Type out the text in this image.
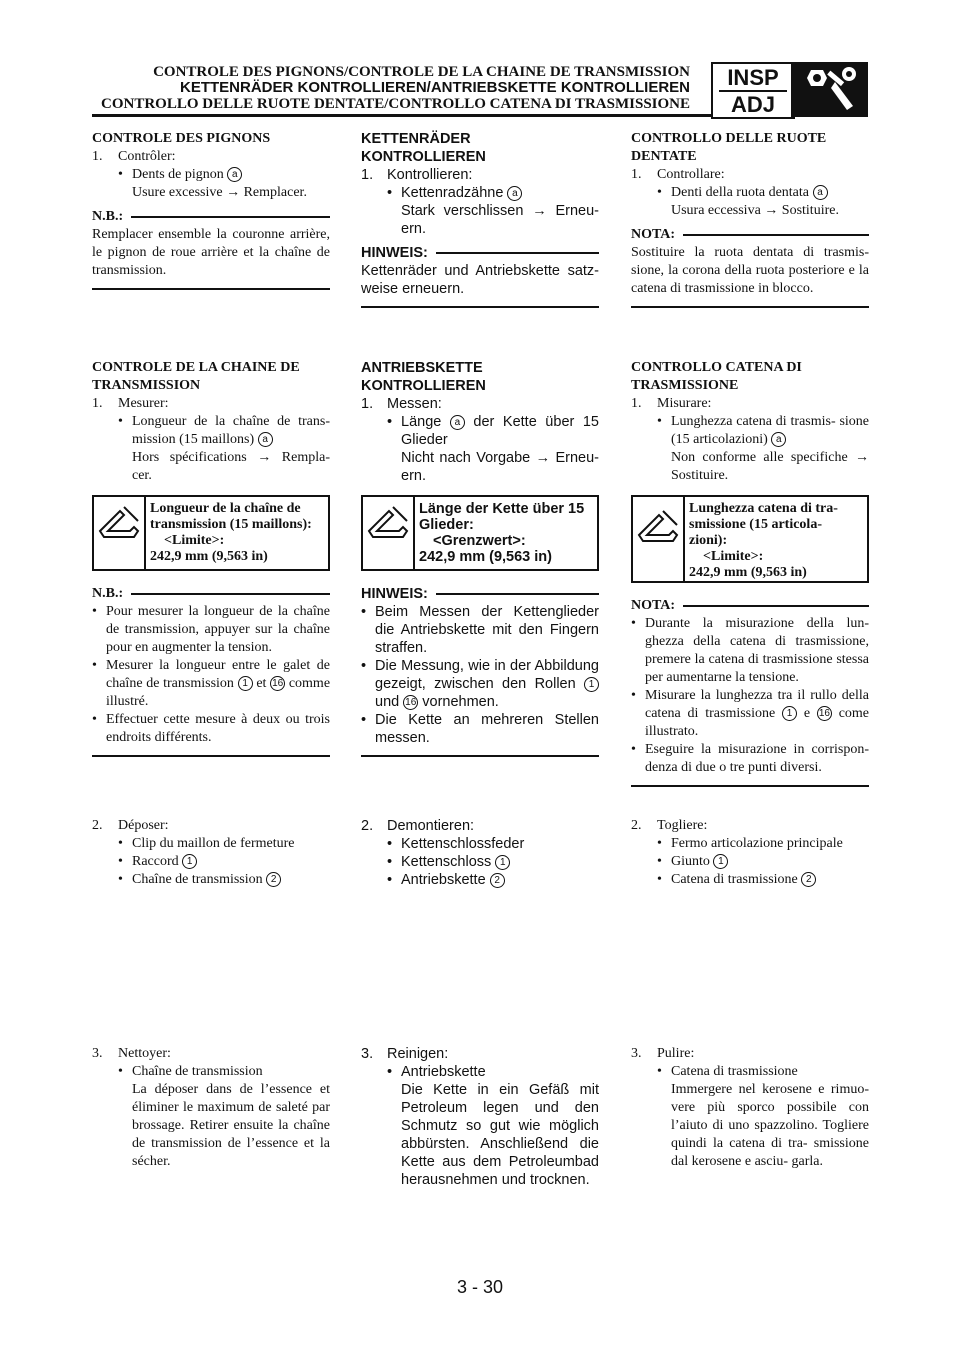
CONTROLE DES PIGNONS/CONTROLE DE LA CHAINE DE TRANSMISSION
KETTENRÄDER KONTROLLIEREN/ANTRIEBSKETTE KONTROLLIEREN
CONTROLLO DELLE RUOTE DENTATE/CONTROLLO CATENA DI TRASMISSIONE
INSP
ADJ
CONTROLE DES PIGNONS
1.	Contrôler:
• Dents de pignon a
Usure excessive → Remplacer.
N.B.:
Remplacer ensemble la couronne arrière, le pignon de roue arrière et la chaîne de transmission.
CONTROLE DE LA CHAINE DE TRANSMISSION
1.	Mesurer:
• Longueur de la chaîne de trans- mission (15 maillons) a
Hors spécifications → Rempla- cer.
Longueur de la chaîne de
transmission (15 maillons):
<Limite>:
242,9 mm (9,563 in)
N.B.:
• Pour mesurer la longueur de la chaîne de transmission, appuyer sur la chaîne pour en augmenter la tension.
• Mesurer la longueur entre le galet de chaîne de transmission 1 et 16 comme illustré.
• Effectuer cette mesure à deux ou trois endroits différents.
2.	Déposer:
• Clip du maillon de fermeture
• Raccord 1
• Chaîne de transmission 2
3.	Nettoyer:
• Chaîne de transmission
La déposer dans de l’essence et éliminer le maximum de saleté par brossage. Retirer ensuite la chaîne de transmission de l’essence et la sécher.
KETTENRÄDER KONTROLLIEREN
1. Kontrollieren:
• Kettenradzähne a
Stark verschlissen → Erneu- ern.
HINWEIS:
Kettenräder und Antriebskette satz- weise erneuern.
ANTRIEBSKETTE KONTROLLIEREN
1. Messen:
• Länge a der Kette über 15 Glieder
Nicht nach Vorgabe → Erneu- ern.
Länge der Kette über 15
Glieder:
<Grenzwert>:
242,9 mm (9,563 in)
HINWEIS:
• Beim Messen der Kettenglieder die Antriebskette mit den Fingern straffen.
• Die Messung, wie in der Abbildung gezeigt, zwischen den Rollen 1 und 16 vornehmen.
• Die Kette an mehreren Stellen messen.
2. Demontieren:
• Kettenschlossfeder
• Kettenschloss 1
• Antriebskette 2
3. Reinigen:
• Antriebskette
Die Kette in ein Gefäß mit Petroleum legen und den Schmutz so gut wie möglich abbürsten. Anschließend die Kette aus dem Petroleumbad herausnehmen und trocknen.
CONTROLLO DELLE RUOTE DENTATE
1.	Controllare:
• Denti della ruota dentata a
Usura eccessiva → Sostituire.
NOTA:
Sostituire la ruota dentata di trasmis- sione, la corona della ruota posteriore e la catena di trasmissione in blocco.
CONTROLLO CATENA DI TRASMISSIONE
1.	Misurare:
• Lunghezza catena di trasmis- sione (15 articolazioni) a
Non conforme alle specifiche → Sostituire.
Lunghezza catena di tra-
smissione (15 articola-
zioni):
<Limite>:
242,9 mm (9,563 in)
NOTA:
• Durante la misurazione della lun- ghezza della catena di trasmissione, premere la catena di trasmissione stessa per aumentarne la tensione.
• Misurare la lunghezza tra il rullo della catena di trasmissione 1 e 16 come illustrato.
• Eseguire la misurazione in corrispon- denza di due o tre punti diversi.
2.	Togliere:
• Fermo articolazione principale
• Giunto 1
• Catena di trasmissione 2
3.	Pulire:
• Catena di trasmissione
Immergere nel kerosene e rimuo- vere più sporco possibile con l’aiuto di uno spazzolino. Togliere quindi la catena di tra- smissione dal kerosene e asciu- garla.
3 - 30
